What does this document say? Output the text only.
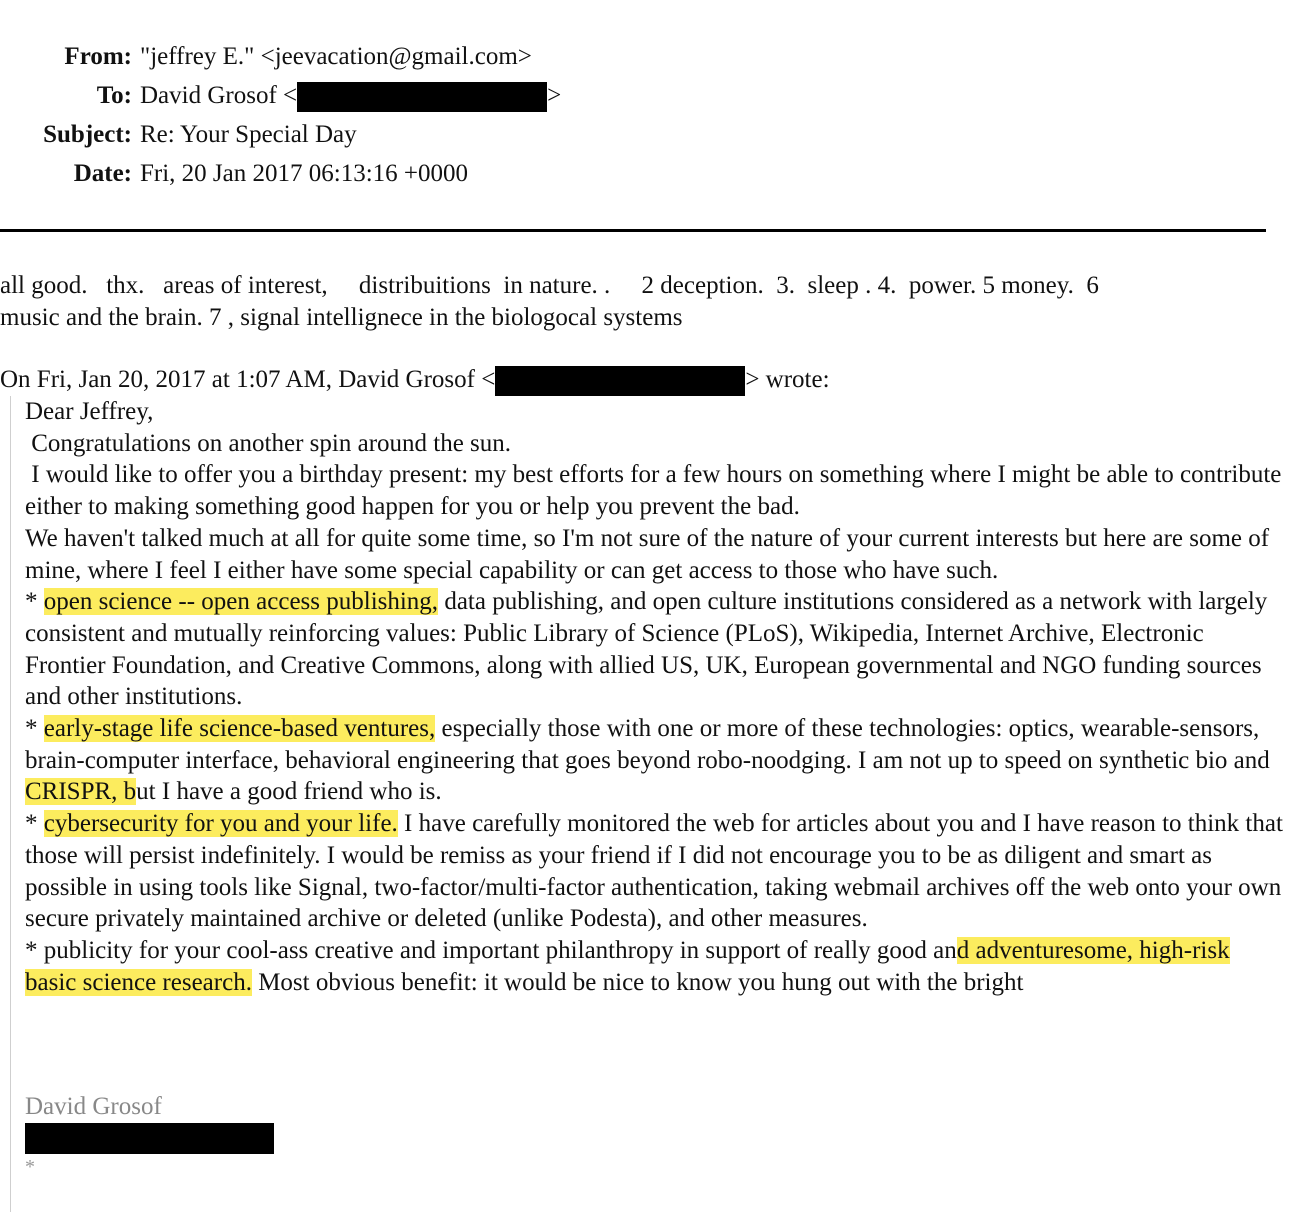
From: "jeffrey E." <jeevacation@gmail.com>
To: David Grosof <	>
Subject: Re: Your Special Day
Date: Fri, 20 Jan 2017 06:13:16 +0000
all good.   thx.   areas of interest,     distribuitions  in nature. .     2 deception.  3.  sleep . 4.  power. 5 money.  6
music and the brain. 7 , signal intellignece in the biologocal systems
On Fri, Jan 20, 2017 at 1:07 AM, David Grosof <	> wrote:
Dear Jeffrey,
Congratulations on another spin around the sun.
I would like to offer you a birthday present: my best efforts for a few hours on something where I might be able to contribute either to making something good happen for you or help you prevent the bad.
We haven't talked much at all for quite some time, so I'm not sure of the nature of your current interests but here are some of mine, where I feel I either have some special capability or can get access to those who have such.
* open science -- open access publishing, data publishing, and open culture institutions considered as a network with largely consistent and mutually reinforcing values: Public Library of Science (PLoS), Wikipedia, Internet Archive, Electronic Frontier Foundation, and Creative Commons, along with allied US, UK, European governmental and NGO funding sources and other institutions.
* early-stage life science-based ventures, especially those with one or more of these technologies: optics, wearable-sensors, brain-computer interface, behavioral engineering that goes beyond robo-noodging. I am not up to speed on synthetic bio and CRISPR, but I have a good friend who is.
* cybersecurity for you and your life. I have carefully monitored the web for articles about you and I have reason to think that those will persist indefinitely. I would be remiss as your friend if I did not encourage you to be as diligent and smart as possible in using tools like Signal, two-factor/multi-factor authentication, taking webmail archives off the web onto your own secure privately maintained archive or deleted (unlike Podesta), and other measures.
* publicity for your cool-ass creative and important philanthropy in support of really good and adventuresome, high-risk basic science research. Most obvious benefit: it would be nice to know you hung out with the bright
David Grosof
*
